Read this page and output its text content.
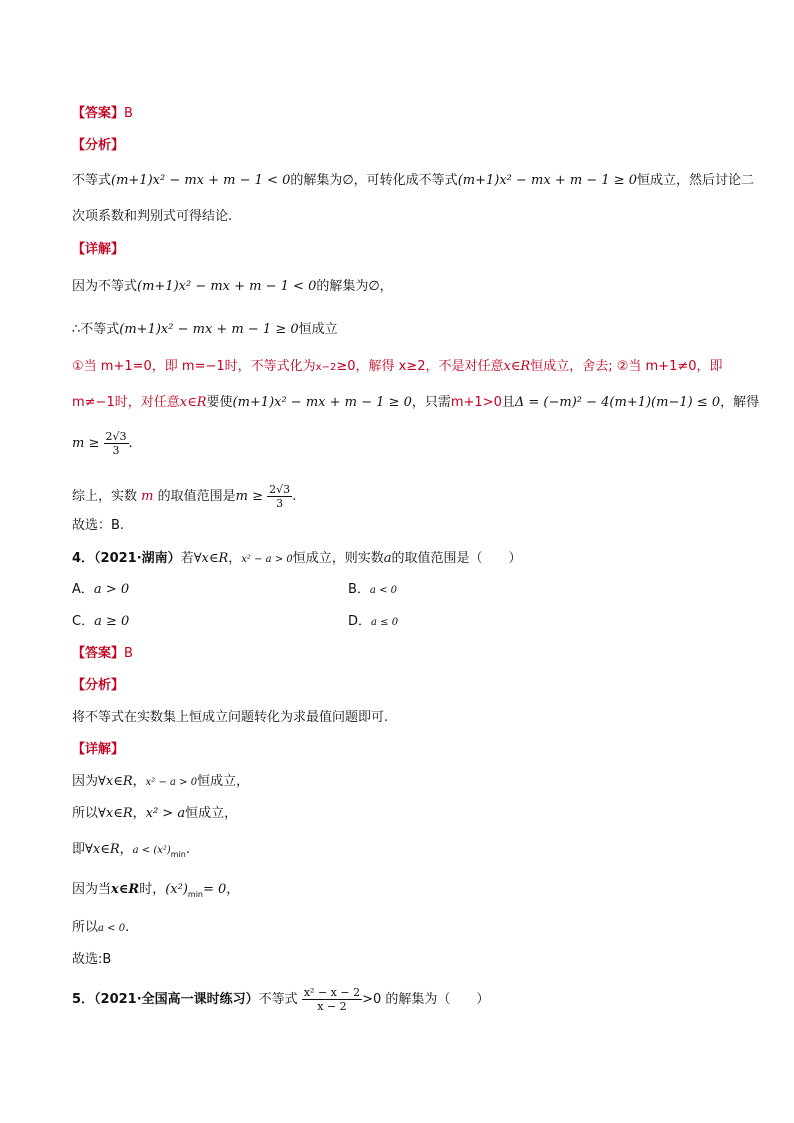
【答案】B
【分析】
不等式(m+1)x² − mx + m − 1 < 0的解集为∅，可转化成不等式(m+1)x² − mx + m − 1 ≥ 0恒成立，然后讨论二
次项系数和判别式可得结论.
【详解】
因为不等式(m+1)x² − mx + m − 1 < 0的解集为∅，
∴不等式(m+1)x² − mx + m − 1 ≥ 0恒成立
①当 m+1=0，即 m=−1时，不等式化为x−2≥0，解得 x≥2，不是对任意x∈R恒成立，舍去; ②当 m+1≠0，即
m≠−1时，对任意x∈R要使(m+1)x² − mx + m − 1 ≥ 0，只需m+1>0且Δ = (−m)² − 4(m+1)(m−1) ≤ 0，解得
$m \ge \frac{2√3}{3}$ .
综上，实数 m 的取值范围是$m \ge \frac{2√3}{3}$ .
故选：B.
4．（2021·湖南）若∀x∈R，x² − a > 0恒成立，则实数a的取值范围是（　　）
A．a > 0	B．a < 0
C．a ≥ 0	D．a ≤ 0
【答案】B
【分析】
将不等式在实数集上恒成立问题转化为求最值问题即可.
【详解】
因为∀x∈R，x² − a > 0恒成立，
所以∀x∈R，x² > a恒成立，
即∀x∈R，$a < (x^2)_{min}$.
因为当x∈R时，$(x^2)_{min}= 0$，
所以a < 0.
故选:B
5．（2021·全国高一课时练习）不等式 $\frac{\text{x² − x − 2}}{x - 2} >0$ 的解集为（　　）
